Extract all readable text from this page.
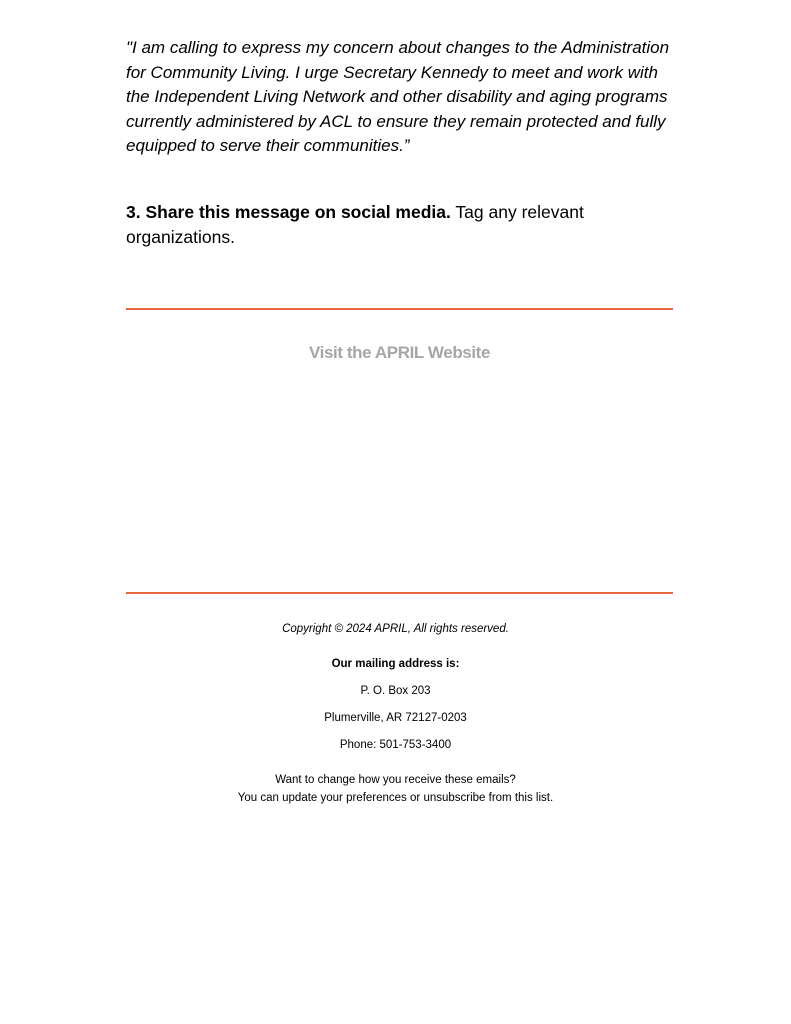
"I am calling to express my concern about changes to the Administration for Community Living. I urge Secretary Kennedy to meet and work with the Independent Living Network and other disability and aging programs currently administered by ACL to ensure they remain protected and fully equipped to serve their communities.”

3. Share this message on social media. Tag any relevant organizations.

Visit the APRIL Website
Copyright © 2024 APRIL, All rights reserved.
Our mailing address is:
P. O. Box 203
Plumerville, AR 72127-0203
Phone: 501-753-3400
Want to change how you receive these emails?
You can update your preferences or unsubscribe from this list.
